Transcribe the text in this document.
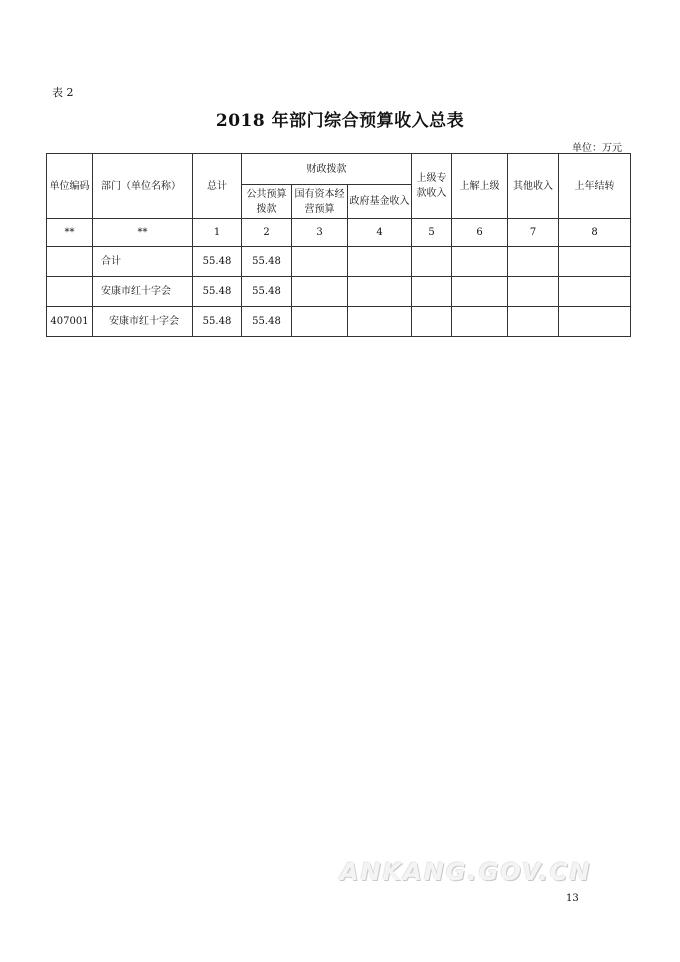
表 2
2018 年部门综合预算收入总表
单位：万元
单位编码	部门（单位名称）	总计	财政拨款			上级专款收入	上解上级	其他收入	上年结转
			公共预算拨款	国有资本经营预算	政府基金收入				
**	**	1	2	3	4	5	6	7	8
	合计	55.48	55.48						
	安康市红十字会	55.48	55.48						
407001	安康市红十字会	55.48	55.48						
ANKANG.GOV.CN
13
